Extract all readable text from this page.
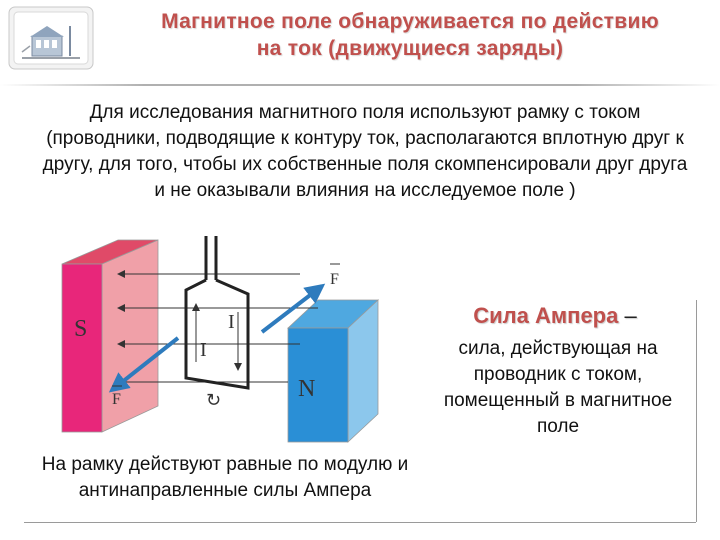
Магнитное поле обнаруживается по действию
на ток (движущиеся заряды)

Для исследования магнитного поля используют рамку с током

(проводники, подводящие к контуру ток, располагаются вплотную друг к другу, для того, чтобы их собственные поля скомпенсировали друг друга и не оказывали влияния на исследуемое поле )

S
N
I
I
F
F	↻
Сила Ампера –
сила, действующая на проводник с током, помещенный в магнитное поле
На рамку действуют равные по модулю и антинаправленные силы Ампера
